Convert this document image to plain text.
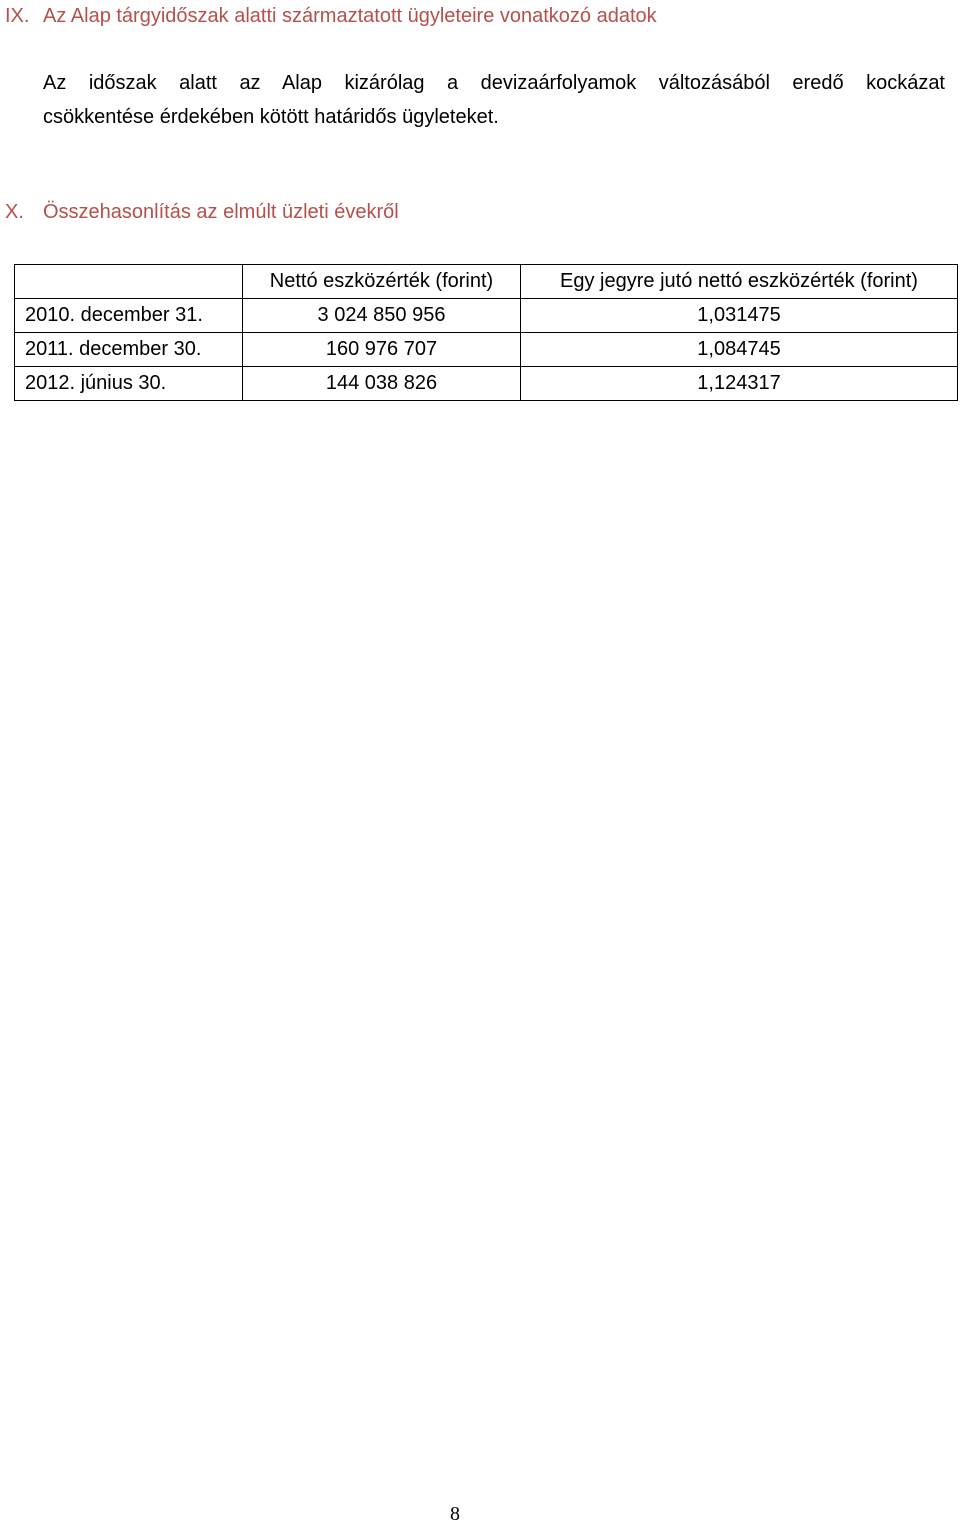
IX. Az Alap tárgyidőszak alatti származtatott ügyleteire vonatkozó adatok
Az időszak alatt az Alap kizárólag a devizaárfolyamok változásából eredő kockázat
csökkentése érdekében kötött határidős ügyleteket.
X. Összehasonlítás az elmúlt üzleti évekről
	Nettó eszközérték (forint)	Egy jegyre jutó nettó eszközérték (forint)
2010. december 31.	3 024 850 956	1,031475
2011. december 30.	160 976 707	1,084745
2012. június 30.	144 038 826	1,124317
8
